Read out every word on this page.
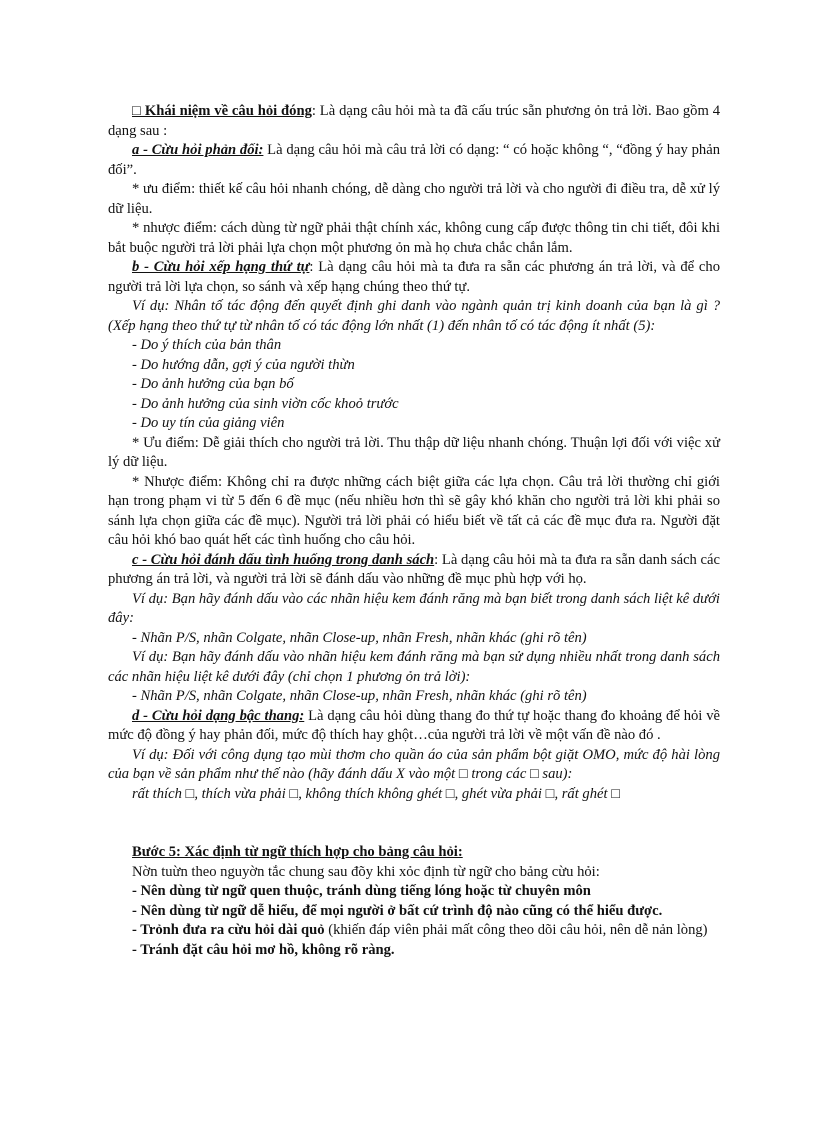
□ Khái niệm về câu hỏi đóng: Là dạng câu hỏi mà ta đã cấu trúc sẵn phương ỏn trả lời. Bao gồm 4 dạng sau :

a - Cừu hỏi phản đối: Là dạng câu hỏi mà câu trả lời có dạng: “ có hoặc không “, “đồng ý hay phản đối”.

* ưu điểm: thiết kế câu hỏi nhanh chóng, dễ dàng cho người trả lời và cho người đi điều tra, dễ xử lý dữ liệu.

* nhược điểm: cách dùng từ ngữ phải thật chính xác, không cung cấp được thông tin chi tiết, đôi khi bắt buộc người trả lời phải lựa chọn một phương ỏn mà họ chưa chắc chắn lắm.

b - Cừu hỏi xếp hạng thứ tự: Là dạng câu hỏi mà ta đưa ra sẵn các phương án trả lời, và để cho người trả lời lựa chọn, so sánh và xếp hạng chúng theo thứ tự.

Ví dụ: Nhân tố tác động đến quyết định ghi danh vào ngành quản trị kinh doanh của bạn là gì ? (Xếp hạng theo thứ tự từ nhân tố có tác động lớn nhất (1) đến nhân tố có tác động ít nhất (5):

- Do ý thích của bản thân

- Do hướng dẫn, gợi ý của người thừn

- Do ảnh hưởng của bạn bố

- Do ảnh hưởng của sinh viờn cốc khoỏ trước

- Do uy tín của giảng viên

* Ưu điểm: Dễ giải thích cho người trả lời. Thu thập dữ liệu nhanh chóng. Thuận lợi đối với việc xử lý dữ liệu.

* Nhược điểm: Không chỉ ra được những cách biệt giữa các lựa chọn. Câu trả lời thường chỉ giới hạn trong phạm vi từ 5 đến 6 đề mục (nếu nhiều hơn thì sẽ gây khó khăn cho người trả lời khi phải so sánh lựa chọn giữa các đề mục). Người trả lời phải có hiểu biết về tất cả các đề mục đưa ra. Người đặt câu hỏi khó bao quát hết các tình huống cho câu hỏi.

c - Cừu hỏi đánh dấu tình huống trong danh sách: Là dạng câu hỏi mà ta đưa ra sẵn danh sách các phương án trả lời, và người trả lời sẽ đánh dấu vào những đề mục phù hợp với họ.

Ví dụ: Bạn hãy đánh dấu vào các nhãn hiệu kem đánh răng mà bạn biết trong danh sách liệt kê dưới đây:

- Nhãn P/S, nhãn Colgate, nhãn Close-up, nhãn Fresh, nhãn khác (ghi rõ tên)

Ví dụ: Bạn hãy đánh dấu vào nhãn hiệu kem đánh răng mà bạn sử dụng nhiều nhất trong danh sách các nhãn hiệu liệt kê dưới đây (chỉ chọn 1 phương ỏn trả lời):

- Nhãn P/S, nhãn Colgate, nhãn Close-up, nhãn Fresh, nhãn khác (ghi rõ tên)

d - Cừu hỏi dạng bậc thang: Là dạng câu hỏi dùng thang đo thứ tự hoặc thang đo khoảng để hỏi về mức độ đồng ý hay phản đối, mức độ thích hay ghột…của người trả lời về một vấn đề nào đó .

Ví dụ: Đối với công dụng tạo mùi thơm cho quần áo của sản phẩm bột giặt OMO, mức độ hài lòng của bạn về sản phẩm như thế nào (hãy đánh dấu X vào một □ trong các □ sau):

rất thích □, thích vừa phải □, không thích không ghét □, ghét vừa phải □, rất ghét □

Bước 5: Xác định từ ngữ thích hợp cho bảng câu hỏi:

Nờn tuừn theo nguyờn tắc chung sau đõy khi xỏc định từ ngữ cho bảng cừu hỏi:

- Nên dùng từ ngữ quen thuộc, tránh dùng tiếng lóng hoặc từ chuyên môn

- Nên dùng từ ngữ dễ hiểu, để mọi người ở bất cứ trình độ nào cũng có thể hiểu được.

- Trỏnh đưa ra cừu hỏi dài quỏ (khiến đáp viên phải mất công theo dõi câu hỏi, nên dễ nản lòng)

- Tránh đặt câu hỏi mơ hồ, không rõ ràng.
